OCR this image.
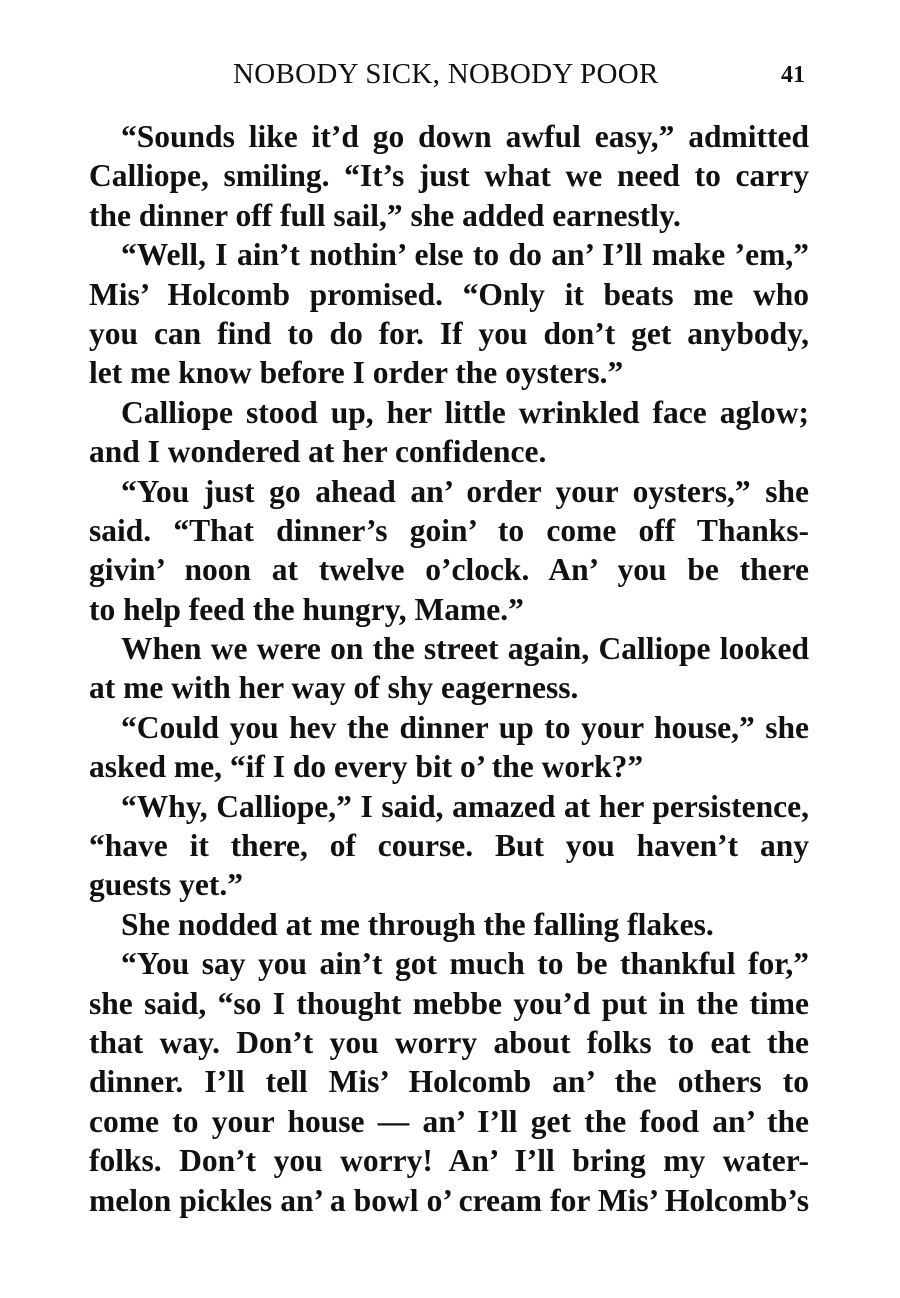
NOBODY SICK, NOBODY POOR	41
“Sounds like it’d go down awful easy,” admitted
Calliope, smiling. “It’s just what we need to carry
the dinner off full sail,” she added earnestly.
“Well, I ain’t nothin’ else to do an’ I’ll make ’em,”
Mis’ Holcomb promised. “Only it beats me who
you can find to do for. If you don’t get anybody,
let me know before I order the oysters.”
Calliope stood up, her little wrinkled face aglow;
and I wondered at her confidence.
“You just go ahead an’ order your oysters,” she
said. “That dinner’s goin’ to come off Thanks-
givin’ noon at twelve o’clock. An’ you be there
to help feed the hungry, Mame.”
When we were on the street again, Calliope looked
at me with her way of shy eagerness.
“Could you hev the dinner up to your house,” she
asked me, “if I do every bit o’ the work?”
“Why, Calliope,” I said, amazed at her persistence,
“have it there, of course. But you haven’t any
guests yet.”
She nodded at me through the falling flakes.
“You say you ain’t got much to be thankful for,”
she said, “so I thought mebbe you’d put in the time
that way. Don’t you worry about folks to eat the
dinner. I’ll tell Mis’ Holcomb an’ the others to
come to your house — an’ I’ll get the food an’ the
folks. Don’t you worry! An’ I’ll bring my water-
melon pickles an’ a bowl o’ cream for Mis’ Holcomb’s
